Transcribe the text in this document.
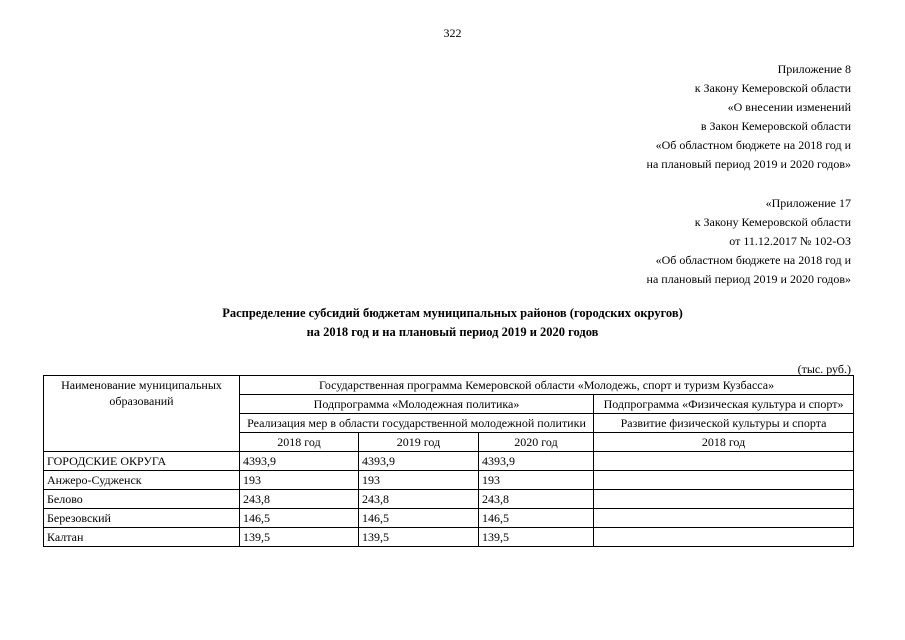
322
Приложение 8
к Закону Кемеровской области
«О внесении изменений
в Закон Кемеровской области
«Об областном бюджете на 2018 год и
на плановый период 2019 и 2020 годов»
«Приложение 17
к Закону Кемеровской области
от 11.12.2017 № 102-ОЗ
«Об областном бюджете на 2018 год и
на плановый период 2019 и 2020 годов»
Распределение субсидий бюджетам муниципальных районов (городских округов)
на 2018 год и на плановый период 2019 и 2020 годов
(тыс. руб.)
Наименование муниципальных образований	Государственная программа Кемеровской области «Молодежь, спорт и туризм Кузбасса»			
	Подпрограмма «Молодежная политика»			Подпрограмма «Физическая культура и спорт»
	Реализация мер в области государственной молодежной политики			Развитие физической культуры и спорта
	2018 год	2019 год	2020 год	2018 год
ГОРОДСКИЕ ОКРУГА	4393,9	4393,9	4393,9	
Анжеро-Судженск	193	193	193	
Белово	243,8	243,8	243,8	
Березовский	146,5	146,5	146,5	
Калтан	139,5	139,5	139,5	
